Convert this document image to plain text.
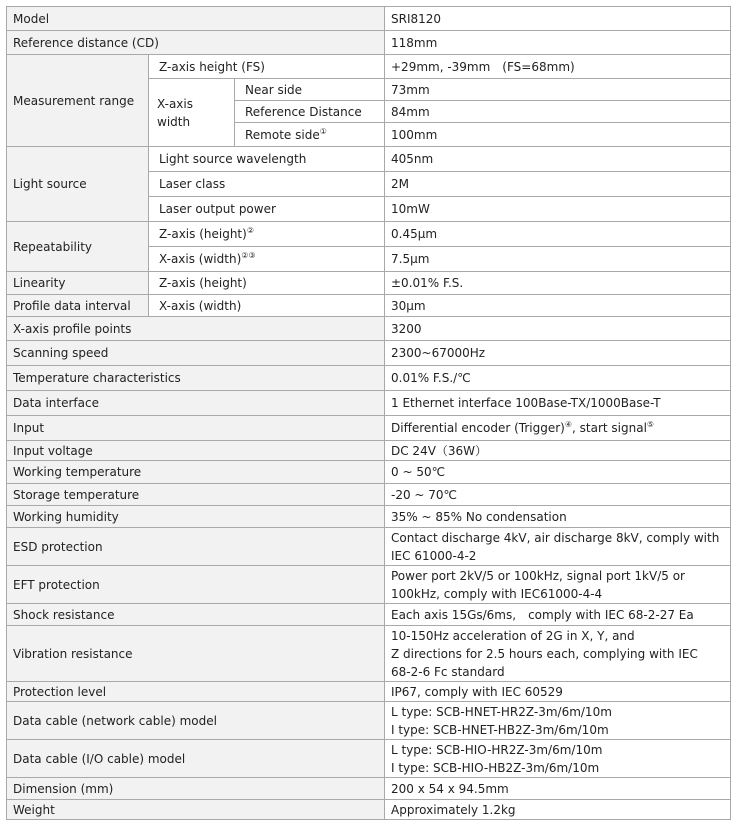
Model			SRI8120
Reference distance (CD)			118mm
Measurement range	Z-axis height (FS)		+29mm, -39mm　(FS=68mm)
	X-axis width	Near side	73mm
		Reference Distance	84mm
		Remote side①	100mm
Light source	Light source wavelength		405nm
	Laser class		2M
	Laser output power		10mW
Repeatability	Z-axis (height)②		0.45μm
	X-axis (width)②③		7.5μm
Linearity	Z-axis (height)		±0.01% F.S.
Profile data interval	X-axis (width)		30μm
X-axis profile points			3200
Scanning speed			2300~67000Hz
Temperature characteristics			0.01% F.S./℃
Data interface			1 Ethernet interface 100Base-TX/1000Base-T
Input			Differential encoder (Trigger)④, start signal⑤
Input voltage			DC 24V（36W）
Working temperature			0 ~ 50℃
Storage temperature			-20 ~ 70℃
Working humidity			35% ~ 85% No condensation
ESD protection			Contact discharge 4kV, air discharge 8kV, comply with
IEC 61000-4-2

EFT protection			Power port 2kV/5 or 100kHz, signal port 1kV/5 or
100kHz, comply with IEC61000-4-4

Shock resistance			Each axis 15Gs/6ms,　comply with IEC 68-2-27 Ea
Vibration resistance			10-150Hz acceleration of 2G in X, Y, and
Z directions for 2.5 hours each, complying with IEC
68-2-6 Fc standard

Protection level			IP67, comply with IEC 60529
Data cable (network cable) model			L type: SCB-HNET-HR2Z-3m/6m/10m
I type: SCB-HNET-HB2Z-3m/6m/10m

Data cable (I/O cable) model			L type: SCB-HIO-HR2Z-3m/6m/10m
I type: SCB-HIO-HB2Z-3m/6m/10m

Dimension (mm)			200 x 54 x 94.5mm
Weight			Approximately 1.2kg
